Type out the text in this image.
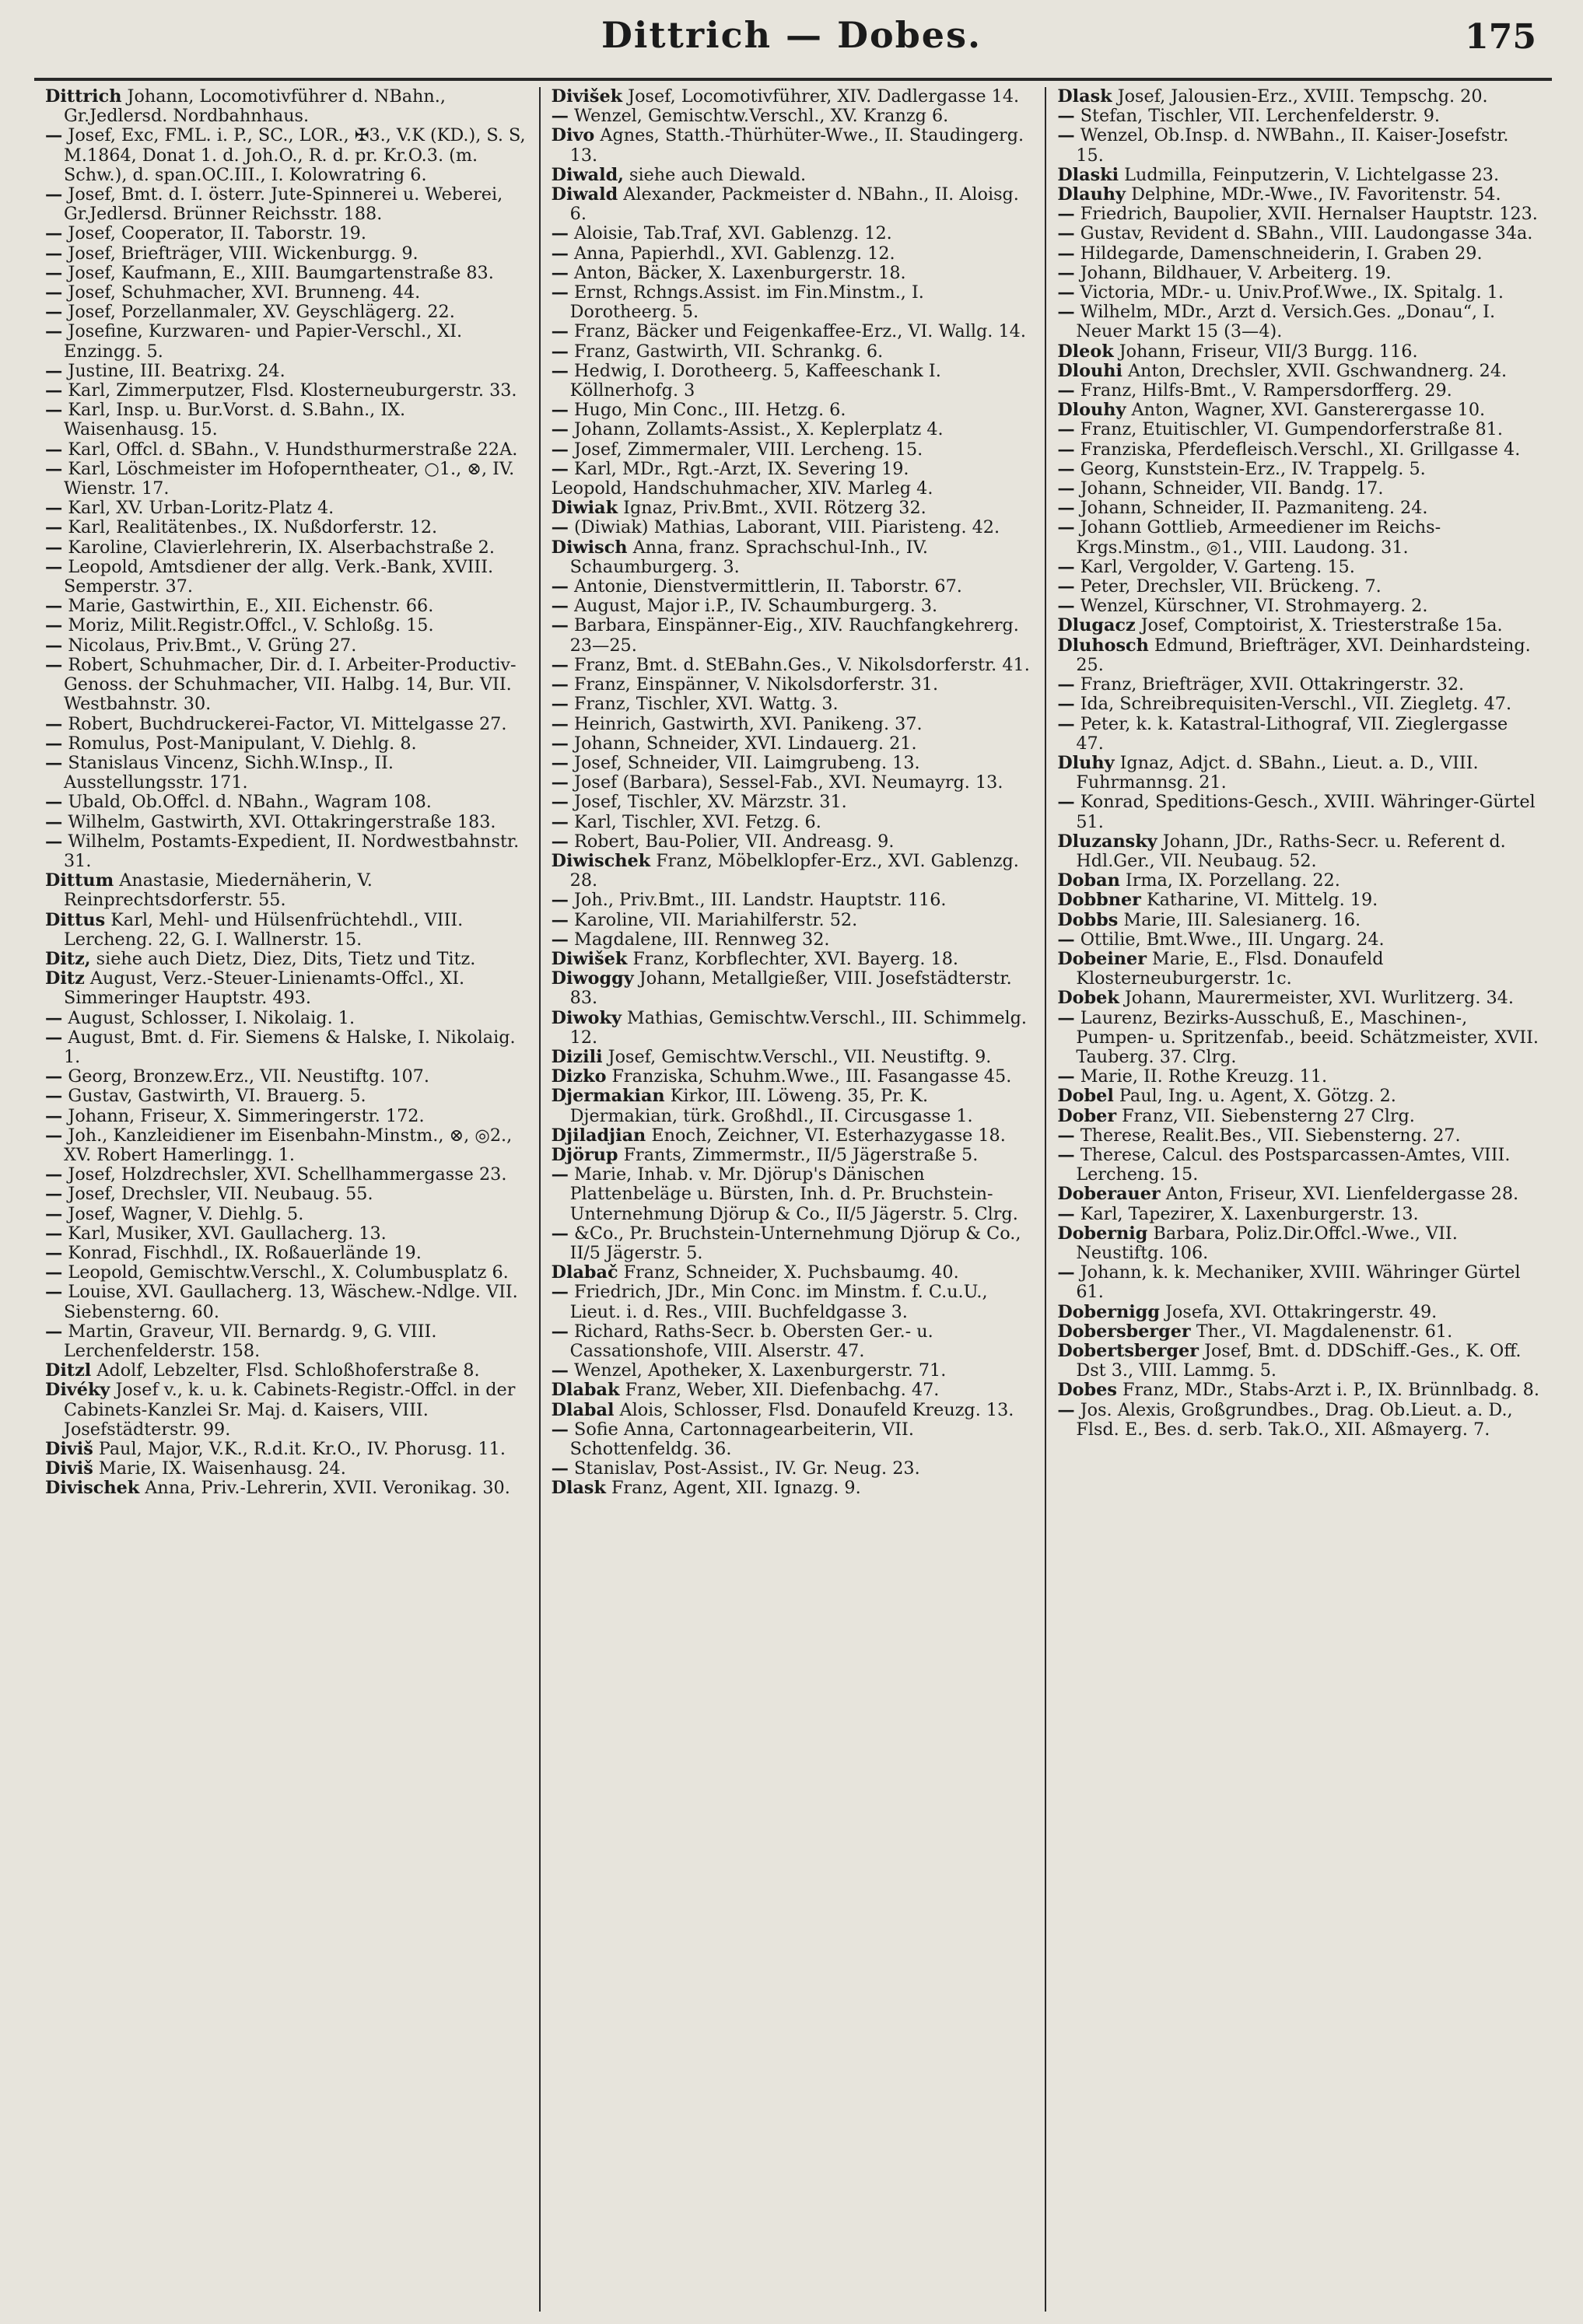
Dittrich — Dobes.	175
Dittrich Johann, Locomotivführer d. NBahn., Gr.Jedlersd. Nordbahnhaus.
— Josef, Exc, FML. i. P., SC., LOR., ✠3., V.K (KD.), S. S, M.1864, Donat 1. d. Joh.O., R. d. pr. Kr.O.3. (m. Schw.), d. span.OC.III., I. Kolowratring 6.
— Josef, Bmt. d. I. österr. Jute-Spinnerei u. Weberei, Gr.Jedlersd. Brünner Reichsstr. 188.
— Josef, Cooperator, II. Taborstr. 19.
— Josef, Briefträger, VIII. Wickenburgg. 9.
— Josef, Kaufmann, E., XIII. Baumgartenstraße 83.
— Josef, Schuhmacher, XVI. Brunneng. 44.
— Josef, Porzellanmaler, XV. Geyschlägerg. 22.
— Josefine, Kurzwaren- und Papier-Verschl., XI. Enzingg. 5.
— Justine, III. Beatrixg. 24.
— Karl, Zimmerputzer, Flsd. Klosterneuburgerstr. 33.
— Karl, Insp. u. Bur.Vorst. d. S.Bahn., IX. Waisenhausg. 15.
— Karl, Offcl. d. SBahn., V. Hundsthurmerstraße 22A.
— Karl, Löschmeister im Hofoperntheater, ○1., ⊗, IV. Wienstr. 17.
— Karl, XV. Urban-Loritz-Platz 4.
— Karl, Realitätenbes., IX. Nußdorferstr. 12.
— Karoline, Clavierlehrerin, IX. Alserbachstraße 2.
— Leopold, Amtsdiener der allg. Verk.-Bank, XVIII. Semperstr. 37.
— Marie, Gastwirthin, E., XII. Eichenstr. 66.
— Moriz, Milit.Registr.Offcl., V. Schloßg. 15.
— Nicolaus, Priv.Bmt., V. Grüng 27.
— Robert, Schuhmacher, Dir. d. I. Arbeiter-Productiv-Genoss. der Schuhmacher, VII. Halbg. 14, Bur. VII. Westbahnstr. 30.
— Robert, Buchdruckerei-Factor, VI. Mittelgasse 27.
— Romulus, Post-Manipulant, V. Diehlg. 8.
— Stanislaus Vincenz, Sichh.W.Insp., II. Ausstellungsstr. 171.
— Ubald, Ob.Offcl. d. NBahn., Wagram 108.
— Wilhelm, Gastwirth, XVI. Ottakringerstraße 183.
— Wilhelm, Postamts-Expedient, II. Nordwestbahnstr. 31.
Dittum Anastasie, Miedernäherin, V. Reinprechtsdorferstr. 55.
Dittus Karl, Mehl- und Hülsenfrüchtehdl., VIII. Lercheng. 22, G. I. Wallnerstr. 15.
Ditz, siehe auch Dietz, Diez, Dits, Tietz und Titz.
Ditz August, Verz.-Steuer-Linienamts-Offcl., XI. Simmeringer Hauptstr. 493.
— August, Schlosser, I. Nikolaig. 1.
— August, Bmt. d. Fir. Siemens & Halske, I. Nikolaig. 1.
— Georg, Bronzew.Erz., VII. Neustiftg. 107.
— Gustav, Gastwirth, VI. Brauerg. 5.
— Johann, Friseur, X. Simmeringerstr. 172.
— Joh., Kanzleidiener im Eisenbahn-Minstm., ⊗, ◎2., XV. Robert Hamerlingg. 1.
— Josef, Holzdrechsler, XVI. Schellhammergasse 23.
— Josef, Drechsler, VII. Neubaug. 55.
— Josef, Wagner, V. Diehlg. 5.
— Karl, Musiker, XVI. Gaullacherg. 13.
— Konrad, Fischhdl., IX. Roßauerlände 19.
— Leopold, Gemischtw.Verschl., X. Columbusplatz 6.
— Louise, XVI. Gaullacherg. 13, Wäschew.-Ndlge. VII. Siebensterng. 60.
— Martin, Graveur, VII. Bernardg. 9, G. VIII. Lerchenfelderstr. 158.
Ditzl Adolf, Lebzelter, Flsd. Schloßhoferstraße 8.
Divéky Josef v., k. u. k. Cabinets-Registr.-Offcl. in der Cabinets-Kanzlei Sr. Maj. d. Kaisers, VIII. Josefstädterstr. 99.
Diviš Paul, Major, V.K., R.d.it. Kr.O., IV. Phorusg. 11.
Diviš Marie, IX. Waisenhausg. 24.
Divischek Anna, Priv.-Lehrerin, XVII. Veronikag. 30.
Divišek Josef, Locomotivführer, XIV. Dadlergasse 14.
— Wenzel, Gemischtw.Verschl., XV. Kranzg 6.
Divo Agnes, Statth.-Thürhüter-Wwe., II. Staudingerg. 13.
Diwald, siehe auch Diewald.
Diwald Alexander, Packmeister d. NBahn., II. Aloisg. 6.
— Aloisie, Tab.Traf, XVI. Gablenzg. 12.
— Anna, Papierhdl., XVI. Gablenzg. 12.
— Anton, Bäcker, X. Laxenburgerstr. 18.
— Ernst, Rchngs.Assist. im Fin.Minstm., I. Dorotheerg. 5.
— Franz, Bäcker und Feigenkaffee-Erz., VI. Wallg. 14.
— Franz, Gastwirth, VII. Schrankg. 6.
— Hedwig, I. Dorotheerg. 5, Kaffeeschank I. Köllnerhofg. 3
— Hugo, Min Conc., III. Hetzg. 6.
— Johann, Zollamts-Assist., X. Keplerplatz 4.
— Josef, Zimmermaler, VIII. Lercheng. 15.
— Karl, MDr., Rgt.-Arzt, IX. Severing 19.
Leopold, Handschuhmacher, XIV. Marleg 4.
Diwiak Ignaz, Priv.Bmt., XVII. Rötzerg 32.
— (Diwiak) Mathias, Laborant, VIII. Piaristeng. 42.
Diwisch Anna, franz. Sprachschul-Inh., IV. Schaumburgerg. 3.
— Antonie, Dienstvermittlerin, II. Taborstr. 67.
— August, Major i.P., IV. Schaumburgerg. 3.
— Barbara, Einspänner-Eig., XIV. Rauchfangkehrerg. 23—25.
— Franz, Bmt. d. StEBahn.Ges., V. Nikolsdorferstr. 41.
— Franz, Einspänner, V. Nikolsdorferstr. 31.
— Franz, Tischler, XVI. Wattg. 3.
— Heinrich, Gastwirth, XVI. Panikeng. 37.
— Johann, Schneider, XVI. Lindauerg. 21.
— Josef, Schneider, VII. Laimgrubeng. 13.
— Josef (Barbara), Sessel-Fab., XVI. Neumayrg. 13.
— Josef, Tischler, XV. Märzstr. 31.
— Karl, Tischler, XVI. Fetzg. 6.
— Robert, Bau-Polier, VII. Andreasg. 9.
Diwischek Franz, Möbelklopfer-Erz., XVI. Gablenzg. 28.
— Joh., Priv.Bmt., III. Landstr. Hauptstr. 116.
— Karoline, VII. Mariahilferstr. 52.
— Magdalene, III. Rennweg 32.
Diwišek Franz, Korbflechter, XVI. Bayerg. 18.
Diwoggy Johann, Metallgießer, VIII. Josefstädterstr. 83.
Diwoky Mathias, Gemischtw.Verschl., III. Schimmelg. 12.
Dizili Josef, Gemischtw.Verschl., VII. Neustiftg. 9.
Dizko Franziska, Schuhm.Wwe., III. Fasangasse 45.
Djermakian Kirkor, III. Löweng. 35, Pr. K. Djermakian, türk. Großhdl., II. Circusgasse 1.
Djiladjian Enoch, Zeichner, VI. Esterhazygasse 18.
Djörup Frants, Zimmermstr., II/5 Jägerstraße 5.
— Marie, Inhab. v. Mr. Djörup's Dänischen Plattenbeläge u. Bürsten, Inh. d. Pr. Bruchstein-Unternehmung Djörup & Co., II/5 Jägerstr. 5. Clrg.
— &Co., Pr. Bruchstein-Unternehmung Djörup & Co., II/5 Jägerstr. 5.
Dlabač Franz, Schneider, X. Puchsbaumg. 40.
— Friedrich, JDr., Min Conc. im Minstm. f. C.u.U., Lieut. i. d. Res., VIII. Buchfeldgasse 3.
— Richard, Raths-Secr. b. Obersten Ger.- u. Cassationshofe, VIII. Alserstr. 47.
— Wenzel, Apotheker, X. Laxenburgerstr. 71.
Dlabak Franz, Weber, XII. Diefenbachg. 47.
Dlabal Alois, Schlosser, Flsd. Donaufeld Kreuzg. 13.
— Sofie Anna, Cartonnagearbeiterin, VII. Schottenfeldg. 36.
— Stanislav, Post-Assist., IV. Gr. Neug. 23.
Dlask Franz, Agent, XII. Ignazg. 9.
Dlask Josef, Jalousien-Erz., XVIII. Tempschg. 20.
— Stefan, Tischler, VII. Lerchenfelderstr. 9.
— Wenzel, Ob.Insp. d. NWBahn., II. Kaiser-Josefstr. 15.
Dlaski Ludmilla, Feinputzerin, V. Lichtelgasse 23.
Dlauhy Delphine, MDr.-Wwe., IV. Favoritenstr. 54.
— Friedrich, Baupolier, XVII. Hernalser Hauptstr. 123.
— Gustav, Revident d. SBahn., VIII. Laudongasse 34a.
— Hildegarde, Damenschneiderin, I. Graben 29.
— Johann, Bildhauer, V. Arbeiterg. 19.
— Victoria, MDr.- u. Univ.Prof.Wwe., IX. Spitalg. 1.
— Wilhelm, MDr., Arzt d. Versich.Ges. „Donau“, I. Neuer Markt 15 (3—4).
Dleok Johann, Friseur, VII/3 Burgg. 116.
Dlouhi Anton, Drechsler, XVII. Gschwandnerg. 24.
— Franz, Hilfs-Bmt., V. Rampersdorfferg. 29.
Dlouhy Anton, Wagner, XVI. Gansterergasse 10.
— Franz, Etuitischler, VI. Gumpendorferstraße 81.
— Franziska, Pferdefleisch.Verschl., XI. Grillgasse 4.
— Georg, Kunststein-Erz., IV. Trappelg. 5.
— Johann, Schneider, VII. Bandg. 17.
— Johann, Schneider, II. Pazmaniteng. 24.
— Johann Gottlieb, Armeediener im Reichs-Krgs.Minstm., ◎1., VIII. Laudong. 31.
— Karl, Vergolder, V. Garteng. 15.
— Peter, Drechsler, VII. Brückeng. 7.
— Wenzel, Kürschner, VI. Strohmayerg. 2.
Dlugacz Josef, Comptoirist, X. Triesterstraße 15a.
Dluhosch Edmund, Briefträger, XVI. Deinhardsteing. 25.
— Franz, Briefträger, XVII. Ottakringerstr. 32.
— Ida, Schreibrequisiten-Verschl., VII. Ziegletg. 47.
— Peter, k. k. Katastral-Lithograf, VII. Zieglergasse 47.
Dluhy Ignaz, Adjct. d. SBahn., Lieut. a. D., VIII. Fuhrmannsg. 21.
— Konrad, Speditions-Gesch., XVIII. Währinger-Gürtel 51.
Dluzansky Johann, JDr., Raths-Secr. u. Referent d. Hdl.Ger., VII. Neubaug. 52.
Doban Irma, IX. Porzellang. 22.
Dobbner Katharine, VI. Mittelg. 19.
Dobbs Marie, III. Salesianerg. 16.
— Ottilie, Bmt.Wwe., III. Ungarg. 24.
Dobeiner Marie, E., Flsd. Donaufeld Klosterneuburgerstr. 1c.
Dobek Johann, Maurermeister, XVI. Wurlitzerg. 34.
— Laurenz, Bezirks-Ausschuß, E., Maschinen-, Pumpen- u. Spritzenfab., beeid. Schätzmeister, XVII. Tauberg. 37. Clrg.
— Marie, II. Rothe Kreuzg. 11.
Dobel Paul, Ing. u. Agent, X. Götzg. 2.
Dober Franz, VII. Siebensterng 27 Clrg.
— Therese, Realit.Bes., VII. Siebensterng. 27.
— Therese, Calcul. des Postsparcassen-Amtes, VIII. Lercheng. 15.
Doberauer Anton, Friseur, XVI. Lienfeldergasse 28.
— Karl, Tapezirer, X. Laxenburgerstr. 13.
Dobernig Barbara, Poliz.Dir.Offcl.-Wwe., VII. Neustiftg. 106.
— Johann, k. k. Mechaniker, XVIII. Währinger Gürtel 61.
Dobernigg Josefa, XVI. Ottakringerstr. 49.
Dobersberger Ther., VI. Magdalenenstr. 61.
Dobertsberger Josef, Bmt. d. DDSchiff.-Ges., K. Off. Dst 3., VIII. Lammg. 5.
Dobes Franz, MDr., Stabs-Arzt i. P., IX. Brünnlbadg. 8.
— Jos. Alexis, Großgrundbes., Drag. Ob.Lieut. a. D., Flsd. E., Bes. d. serb. Tak.O., XII. Aßmayerg. 7.
